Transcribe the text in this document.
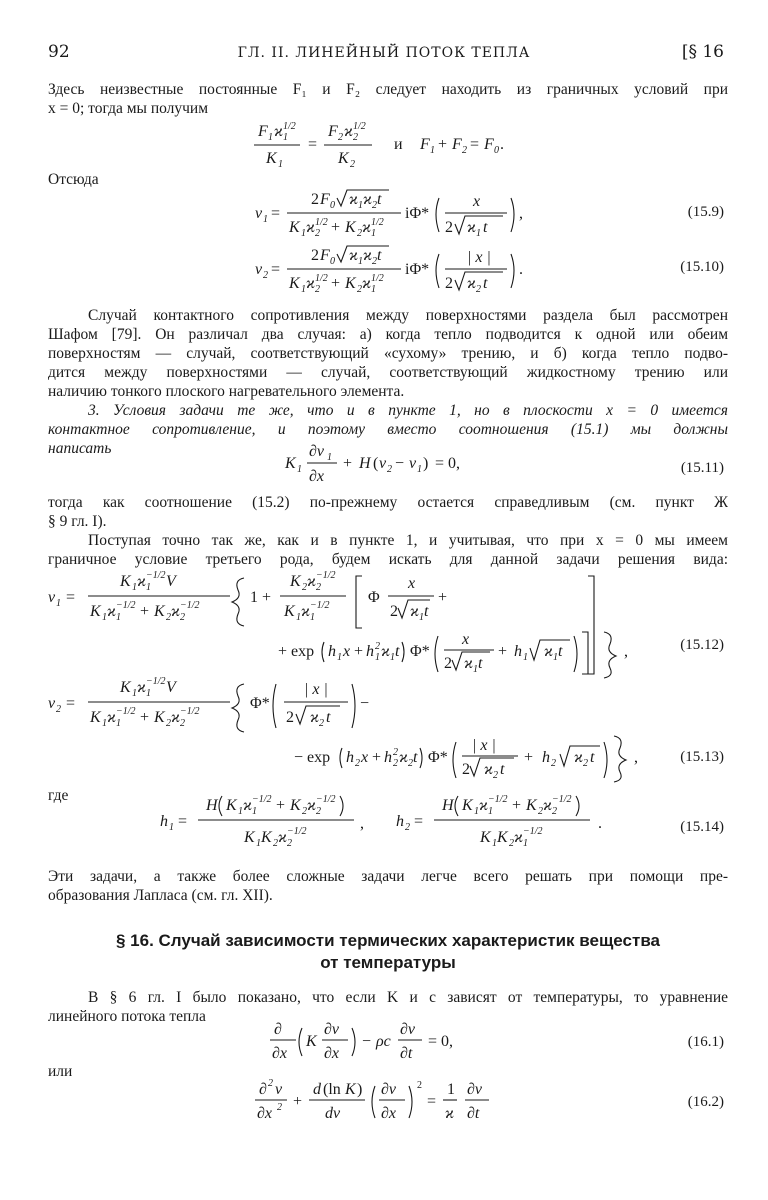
92	ГЛ. II. ЛИНЕЙНЫЙ ПОТОК ТЕПЛА	[§ 16
Здесь неизвестные постоянные F₁ и F₂ следует находить из граничных условий при
x = 0; тогда мы получим
F 1 ϰ 1/2
1
K 1
=
F 2 ϰ 1/2
2
K 2
и F 1 + F 2 = F 0 .
Отсюда
v 1 =
2 F 0 ϰ 1 ϰ 2 t
K 1 ϰ 1/2
2 + K 2 ϰ 1/2
1
iΦ*
x
2 ϰ 1 t
,	(15.9)
v 2 =
2 F 0 ϰ 1 ϰ 2 t
K 1 ϰ 1/2
2 + K 2 ϰ 1/2
1
iΦ*
| x |
2 ϰ 2 t
.	(15.10)
Случай контактного сопротивления между поверхностями раздела был рассмотрен
Шафом [79]. Он различал два случая: а) когда тепло подводится к одной или обеим
поверхностям — случай, соответствующий «сухому» трению, и б) когда тепло подво-
дится между поверхностями — случай, соответствующий жидкостному трению или
наличию тонкого плоского нагревательного элемента.
3. Условия задачи те же, что и в пункте 1, но в плоскости x = 0 имеется
контактное сопротивление, и поэтому вместо соотношения (15.1) мы должны
написать
K 1
∂v 1
∂x
+ H ( v 2 − v 1 ) = 0,	(15.11)
тогда как соотношение (15.2) по-прежнему остается справедливым (см. пункт Ж
§ 9 гл. I).
Поступая точно так же, как и в пункте 1, и учитывая, что при x = 0 мы имеем
граничное условие третьего рода, будем искать для данной задачи решения вида:
v 1 =
K 1 ϰ −1/2
1 V
K 1 ϰ −1/2
1 + K 2 ϰ −1/2
2
1 +
K 2 ϰ −1/2
2
K 1 ϰ −1/2
1
Φ
x
2 ϰ 1 t
+
+ exp h 1 x + h 2
1 ϰ 1 t Φ*
x
2 ϰ 1 t
+ h 1 ϰ 1 t	,	(15.12)
v 2 =
K 1 ϰ −1/2
1 V
K 1 ϰ −1/2
1 + K 2 ϰ −1/2
2
Φ*
| x |
2 ϰ 2 t
−
− exp h 2 x + h 2
2 ϰ 2 t Φ*
| x |
2 ϰ 2 t
+ h 2 ϰ 2 t ,	(15.13)
где
h 1 =
H K 1 ϰ −1/2
1 + K 2 ϰ −1/2
2
K 1 K 2 ϰ −1/2
2
, h 2 =
H K 1 ϰ −1/2
1 + K 2 ϰ −1/2
2
K 1 K 2 ϰ −1/2
1
.	(15.14)
Эти задачи, а также более сложные задачи легче всего решать при помощи пре-
образования Лапласа (см. гл. XII).
§ 16. Случай зависимости термических характеристик вещества
от температуры
В § 6 гл. I было показано, что если K и c зависят от температуры, то уравнение
линейного потока тепла
∂
∂x
K
∂v
∂x
− ρc
∂v
∂t
= 0,	(16.1)
или
∂ 2 v
∂x 2 +
d (ln K )
dv
∂v
∂x
2
=
1
ϰ
∂v
∂t
(16.2)
